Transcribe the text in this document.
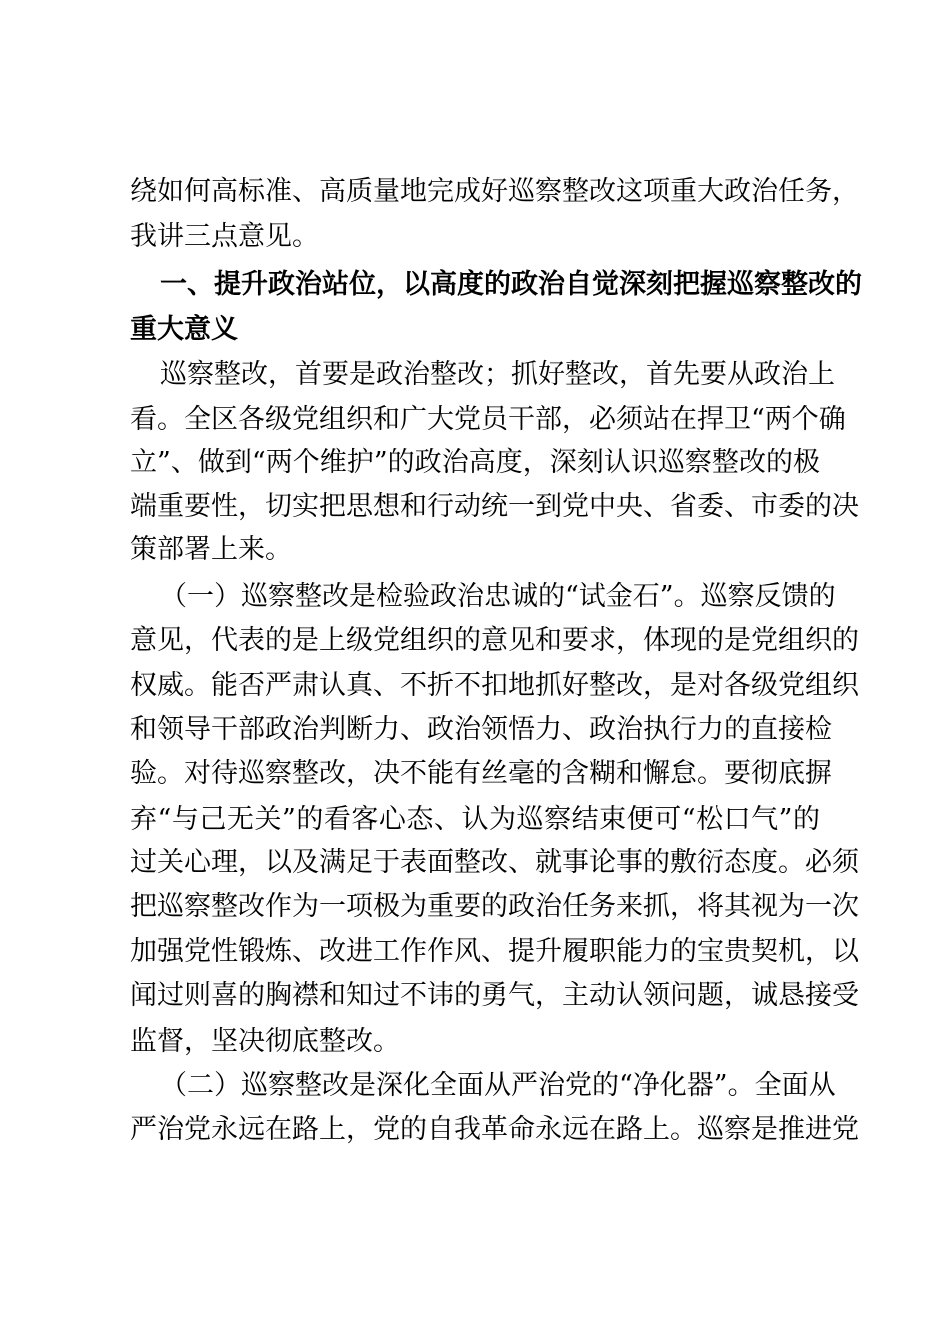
绕如何高标准、高质量地完成好巡察整改这项重大政治任务，
我讲三点意见。
一、提升政治站位，以高度的政治自觉深刻把握巡察整改的
重大意义
巡察整改，首要是政治整改；抓好整改，首先要从政治上
看。全区各级党组织和广大党员干部，必须站在捍卫“两个确
立”、做到“两个维护”的政治高度，深刻认识巡察整改的极
端重要性，切实把思想和行动统一到党中央、省委、市委的决
策部署上来。
（一）巡察整改是检验政治忠诚的“试金石”。巡察反馈的
意见，代表的是上级党组织的意见和要求，体现的是党组织的
权威。能否严肃认真、不折不扣地抓好整改，是对各级党组织
和领导干部政治判断力、政治领悟力、政治执行力的直接检
验。对待巡察整改，决不能有丝毫的含糊和懈怠。要彻底摒
弃“与己无关”的看客心态、认为巡察结束便可“松口气”的
过关心理，以及满足于表面整改、就事论事的敷衍态度。必须
把巡察整改作为一项极为重要的政治任务来抓，将其视为一次
加强党性锻炼、改进工作作风、提升履职能力的宝贵契机，以
闻过则喜的胸襟和知过不讳的勇气，主动认领问题，诚恳接受
监督，坚决彻底整改。
（二）巡察整改是深化全面从严治党的“净化器”。全面从
严治党永远在路上，党的自我革命永远在路上。巡察是推进党
